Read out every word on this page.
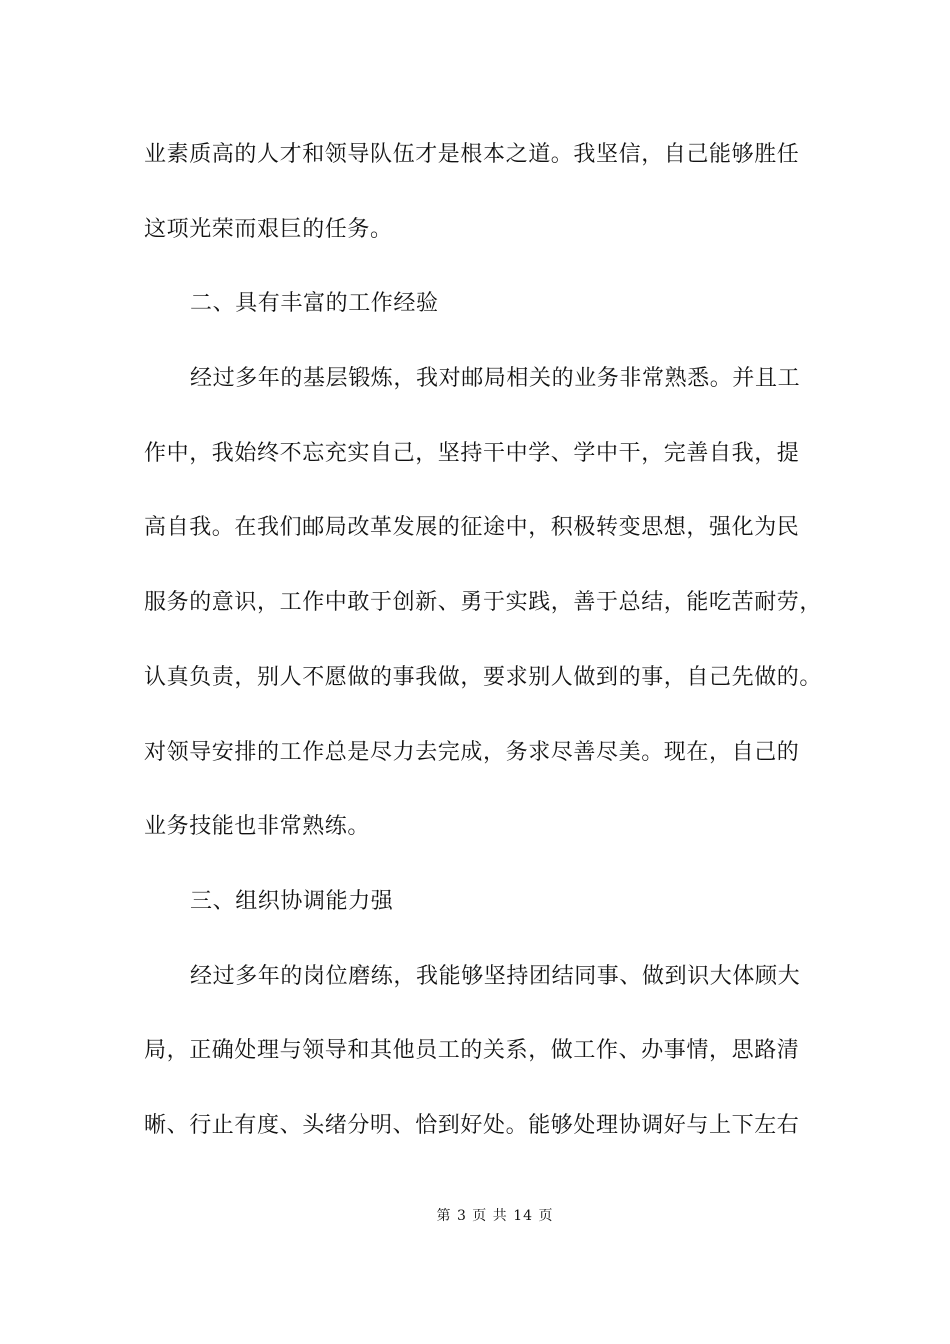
业素质高的人才和领导队伍才是根本之道。我坚信，自己能够胜任
这项光荣而艰巨的任务。
二、具有丰富的工作经验
经过多年的基层锻炼，我对邮局相关的业务非常熟悉。并且工
作中，我始终不忘充实自己，坚持干中学、学中干，完善自我，提
高自我。在我们邮局改革发展的征途中，积极转变思想，强化为民
服务的意识，工作中敢于创新、勇于实践，善于总结，能吃苦耐劳，
认真负责，别人不愿做的事我做，要求别人做到的事，自己先做的。
对领导安排的工作总是尽力去完成，务求尽善尽美。现在，自己的
业务技能也非常熟练。
三、组织协调能力强
经过多年的岗位磨练，我能够坚持团结同事、做到识大体顾大
局，正确处理与领导和其他员工的关系，做工作、办事情，思路清
晰、行止有度、头绪分明、恰到好处。能够处理协调好与上下左右
第 3 页 共 14 页
